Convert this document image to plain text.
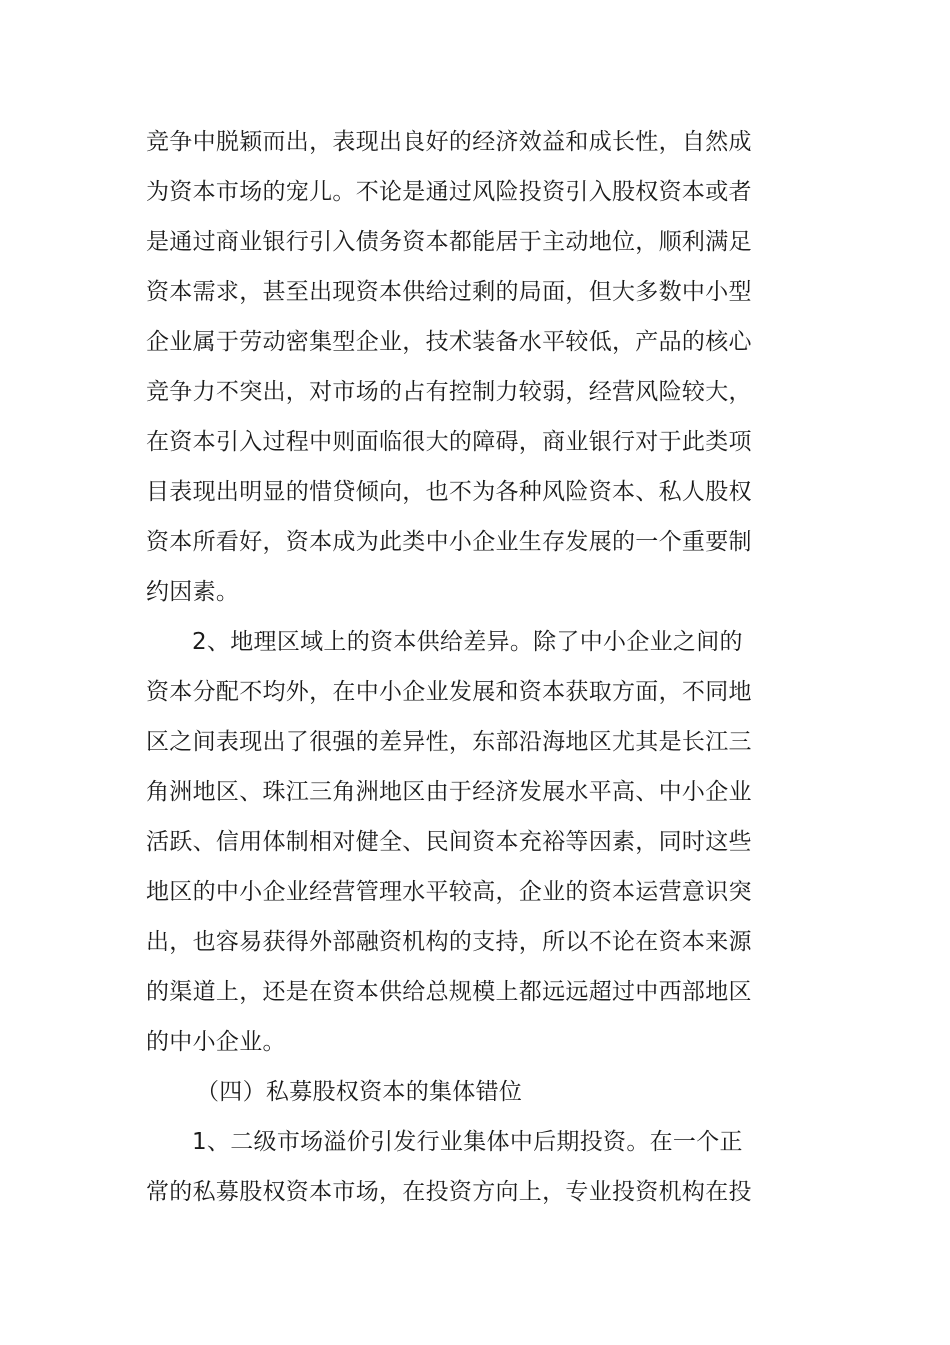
竞争中脱颖而出，表现出良好的经济效益和成长性，自然成
为资本市场的宠儿。不论是通过风险投资引入股权资本或者
是通过商业银行引入债务资本都能居于主动地位，顺利满足
资本需求，甚至出现资本供给过剩的局面，但大多数中小型
企业属于劳动密集型企业，技术装备水平较低，产品的核心
竞争力不突出，对市场的占有控制力较弱，经营风险较大，
在资本引入过程中则面临很大的障碍，商业银行对于此类项
目表现出明显的惜贷倾向，也不为各种风险资本、私人股权
资本所看好，资本成为此类中小企业生存发展的一个重要制
约因素。
2、地理区域上的资本供给差异。除了中小企业之间的
资本分配不均外，在中小企业发展和资本获取方面，不同地
区之间表现出了很强的差异性，东部沿海地区尤其是长江三
角洲地区、珠江三角洲地区由于经济发展水平高、中小企业
活跃、信用体制相对健全、民间资本充裕等因素，同时这些
地区的中小企业经营管理水平较高，企业的资本运营意识突
出，也容易获得外部融资机构的支持，所以不论在资本来源
的渠道上，还是在资本供给总规模上都远远超过中西部地区
的中小企业。
（四）私募股权资本的集体错位
1、二级市场溢价引发行业集体中后期投资。在一个正
常的私募股权资本市场，在投资方向上，专业投资机构在投
